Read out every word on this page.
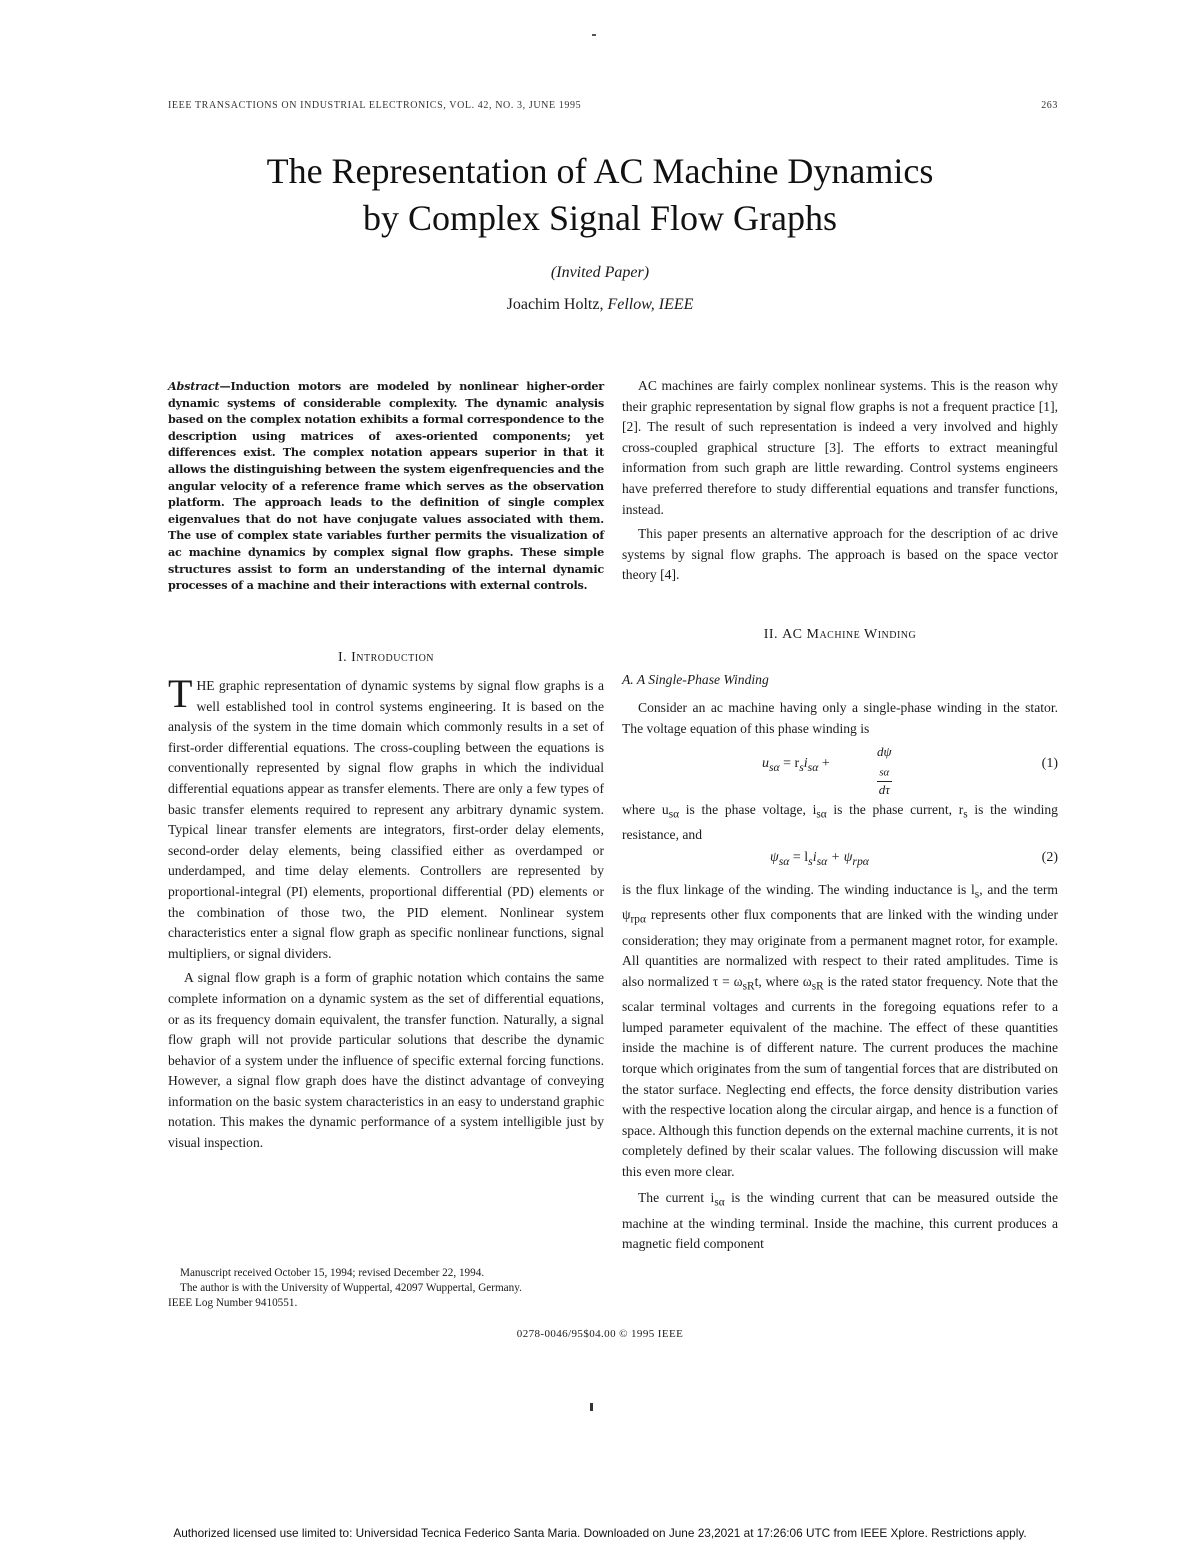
IEEE TRANSACTIONS ON INDUSTRIAL ELECTRONICS, VOL. 42, NO. 3, JUNE 1995	263
The Representation of AC Machine Dynamics
by Complex Signal Flow Graphs
(Invited Paper)
Joachim Holtz, Fellow, IEEE
Abstract—Induction motors are modeled by nonlinear higher-order dynamic systems of considerable complexity. The dynamic analysis based on the complex notation exhibits a formal correspondence to the description using matrices of axes-oriented components; yet differences exist. The complex notation appears superior in that it allows the distinguishing between the system eigenfrequencies and the angular velocity of a reference frame which serves as the observation platform. The approach leads to the definition of single complex eigenvalues that do not have conjugate values associated with them. The use of complex state variables further permits the visualization of ac machine dynamics by complex signal flow graphs. These simple structures assist to form an understanding of the internal dynamic processes of a machine and their interactions with external controls.
I. Introduction

THE graphic representation of dynamic systems by signal flow graphs is a well established tool in control systems engineering. It is based on the analysis of the system in the time domain which commonly results in a set of first-order differential equations. The cross-coupling between the equations is conventionally represented by signal flow graphs in which the individual differential equations appear as transfer elements. There are only a few types of basic transfer elements required to represent any arbitrary dynamic system. Typical linear transfer elements are integrators, first-order delay elements, second-order delay elements, being classified either as overdamped or underdamped, and time delay elements. Controllers are represented by proportional-integral (PI) elements, proportional differential (PD) elements or the combination of those two, the PID element. Nonlinear system characteristics enter a signal flow graph as specific nonlinear functions, signal multipliers, or signal dividers.

A signal flow graph is a form of graphic notation which contains the same complete information on a dynamic system as the set of differential equations, or as its frequency domain equivalent, the transfer function. Naturally, a signal flow graph will not provide particular solutions that describe the dynamic behavior of a system under the influence of specific external forcing functions. However, a signal flow graph does have the distinct advantage of conveying information on the basic system characteristics in an easy to understand graphic notation. This makes the dynamic performance of a system intelligible just by visual inspection.

Manuscript received October 15, 1994; revised December 22, 1994.
The author is with the University of Wuppertal, 42097 Wuppertal, Germany.
IEEE Log Number 9410551.
0278-0046/95$04.00 © 1995 IEEE

AC machines are fairly complex nonlinear systems. This is the reason why their graphic representation by signal flow graphs is not a frequent practice [1], [2]. The result of such representation is indeed a very involved and highly cross-coupled graphical structure [3]. The efforts to extract meaningful information from such graph are little rewarding. Control systems engineers have preferred therefore to study differential equations and transfer functions, instead.

This paper presents an alternative approach for the description of ac drive systems by signal flow graphs. The approach is based on the space vector theory [4].

II. AC Machine Winding
A. A Single-Phase Winding

Consider an ac machine having only a single-phase winding in the stator. The voltage equation of this phase winding is

$u_{s\alpha} = r_si_{s\alpha}$ +
dψ
$_{s\alpha}$
dτ
(1)
where $u_{s\alpha}$ is the phase voltage, $i_{s\alpha}$ is the phase current, $r_s$ is the winding resistance, and
$\psi_{s\alpha} = l_si_{s\alpha} + \psi_{rp\alpha}$	(2)

is the flux linkage of the winding. The winding inductance is $l_s$, and the term $\psi_{rp\alpha}$ represents other flux components that are linked with the winding under consideration; they may originate from a permanent magnet rotor, for example. All quantities are normalized with respect to their rated amplitudes. Time is also normalized $\tau = \omega_{sR}t$, where $\omega_{sR}$ is the rated stator frequency. Note that the scalar terminal voltages and currents in the foregoing equations refer to a lumped parameter equivalent of the machine. The effect of these quantities inside the machine is of different nature. The current produces the machine torque which originates from the sum of tangential forces that are distributed on the stator surface. Neglecting end effects, the force density distribution varies with the respective location along the circular airgap, and hence is a function of space. Although this function depends on the external machine currents, it is not completely defined by their scalar values. The following discussion will make this even more clear.

The current $i_{s\alpha}$ is the winding current that can be measured outside the machine at the winding terminal. Inside the machine, this current produces a magnetic field component

Authorized licensed use limited to: Universidad Tecnica Federico Santa Maria. Downloaded on June 23,2021 at 17:26:06 UTC from IEEE Xplore. Restrictions apply.
